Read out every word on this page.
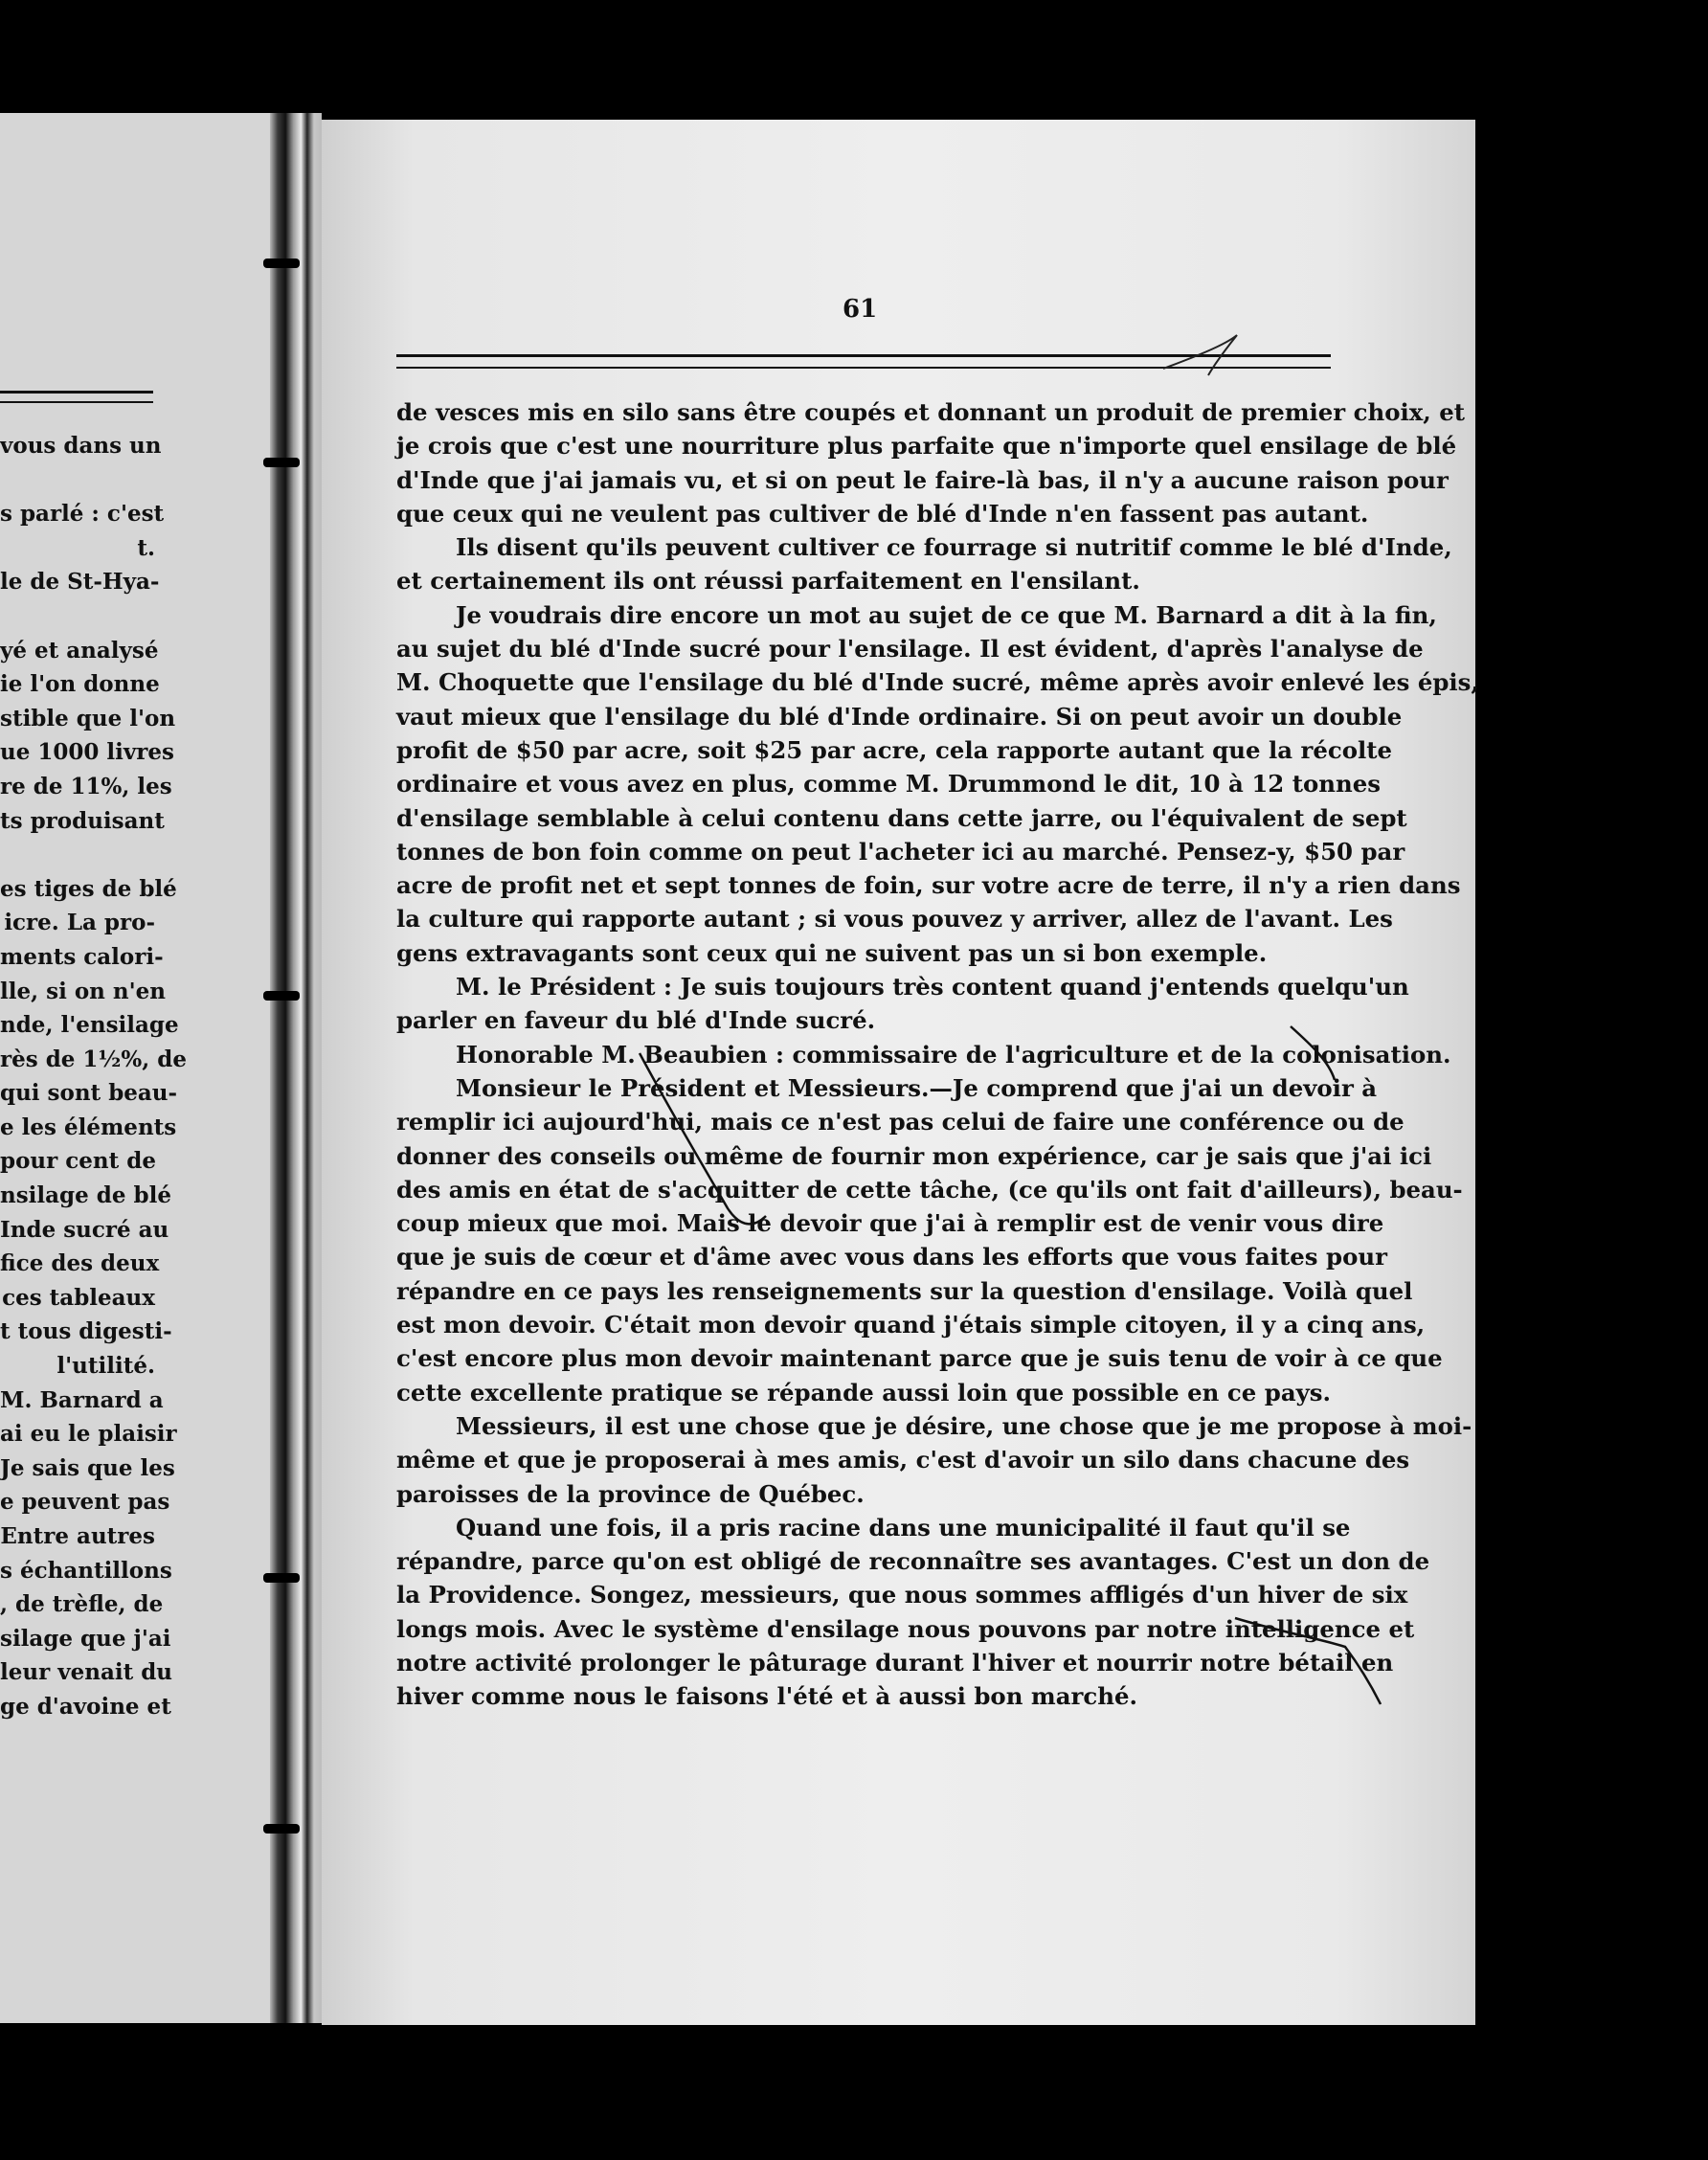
vous dans un
s parlé : c'est
t.
le de St-Hya-
yé et analysé
ie l'on donne
stible que l'on
ue 1000 livres
re de 11%, les
ts produisant
es tiges de blé
icre. La pro-
ments calori-
lle, si on n'en
nde, l'ensilage
rès de 1½%, de
qui sont beau-
e les éléments
pour cent de
nsilage de blé
Inde sucré au
fice des deux
ces tableaux
t tous digesti-
l'utilité.
M. Barnard a
ai eu le plaisir
Je sais que les
e peuvent pas
Entre autres
s échantillons
, de trèfle, de
silage que j'ai
leur venait du
ge d'avoine et
61
de vesces mis en silo sans être coupés et donnant un produit de premier choix, et
je crois que c'est une nourriture plus parfaite que n'importe quel ensilage de blé
d'Inde que j'ai jamais vu, et si on peut le faire-là bas, il n'y a aucune raison pour
que ceux qui ne veulent pas cultiver de blé d'Inde n'en fassent pas autant.
Ils disent qu'ils peuvent cultiver ce fourrage si nutritif comme le blé d'Inde,
et certainement ils ont réussi parfaitement en l'ensilant.
Je voudrais dire encore un mot au sujet de ce que M. Barnard a dit à la fin,
au sujet du blé d'Inde sucré pour l'ensilage. Il est évident, d'après l'analyse de
M. Choquette que l'ensilage du blé d'Inde sucré, même après avoir enlevé les épis,
vaut mieux que l'ensilage du blé d'Inde ordinaire. Si on peut avoir un double
profit de $50 par acre, soit $25 par acre, cela rapporte autant que la récolte
ordinaire et vous avez en plus, comme M. Drummond le dit, 10 à 12 tonnes
d'ensilage semblable à celui contenu dans cette jarre, ou l'équivalent de sept
tonnes de bon foin comme on peut l'acheter ici au marché. Pensez-y, $50 par
acre de profit net et sept tonnes de foin, sur votre acre de terre, il n'y a rien dans
la culture qui rapporte autant ; si vous pouvez y arriver, allez de l'avant. Les
gens extravagants sont ceux qui ne suivent pas un si bon exemple.
M. le Président : Je suis toujours très content quand j'entends quelqu'un
parler en faveur du blé d'Inde sucré.
Honorable M. Beaubien : commissaire de l'agriculture et de la colonisation.
Monsieur le Président et Messieurs.—Je comprend que j'ai un devoir à
remplir ici aujourd'hui, mais ce n'est pas celui de faire une conférence ou de
donner des conseils ou même de fournir mon expérience, car je sais que j'ai ici
des amis en état de s'acquitter de cette tâche, (ce qu'ils ont fait d'ailleurs), beau-
coup mieux que moi. Mais le devoir que j'ai à remplir est de venir vous dire
que je suis de cœur et d'âme avec vous dans les efforts que vous faites pour
répandre en ce pays les renseignements sur la question d'ensilage. Voilà quel
est mon devoir. C'était mon devoir quand j'étais simple citoyen, il y a cinq ans,
c'est encore plus mon devoir maintenant parce que je suis tenu de voir à ce que
cette excellente pratique se répande aussi loin que possible en ce pays.
Messieurs, il est une chose que je désire, une chose que je me propose à moi-
même et que je proposerai à mes amis, c'est d'avoir un silo dans chacune des
paroisses de la province de Québec.
Quand une fois, il a pris racine dans une municipalité il faut qu'il se
répandre, parce qu'on est obligé de reconnaître ses avantages. C'est un don de
la Providence. Songez, messieurs, que nous sommes affligés d'un hiver de six
longs mois. Avec le système d'ensilage nous pouvons par notre intelligence et
notre activité prolonger le pâturage durant l'hiver et nourrir notre bétail en
hiver comme nous le faisons l'été et à aussi bon marché.
